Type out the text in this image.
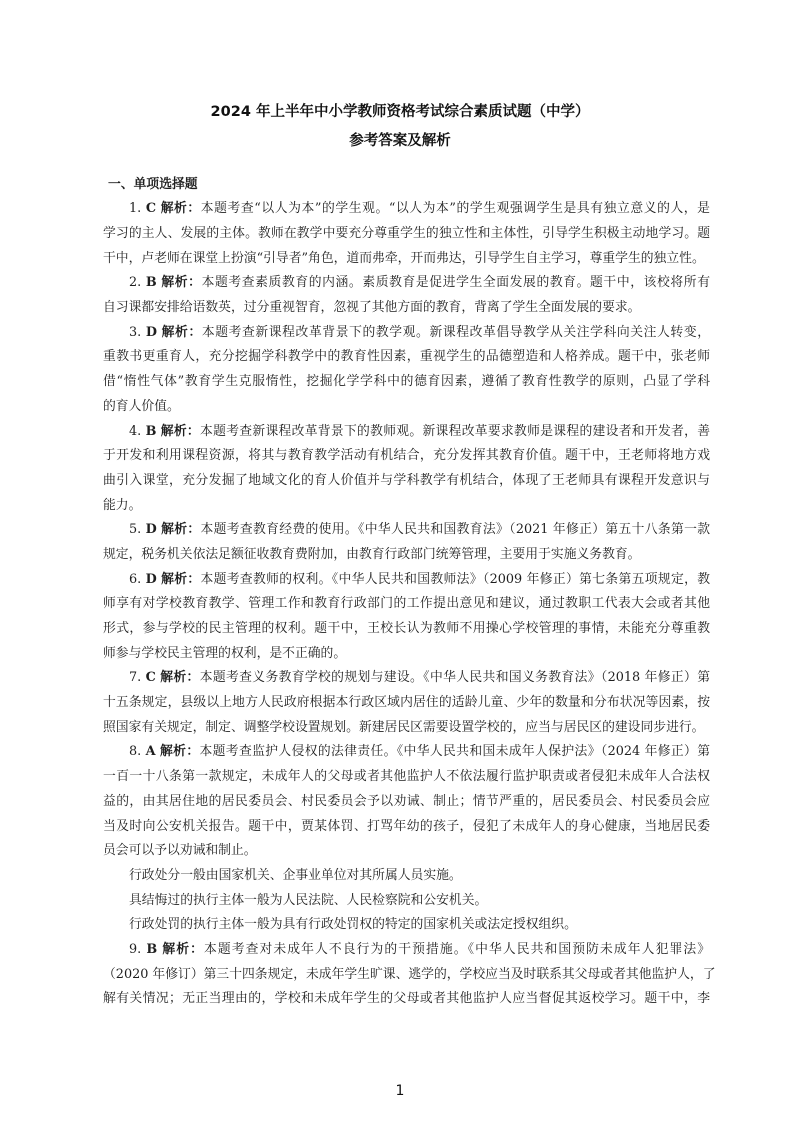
2024 年上半年中小学教师资格考试综合素质试题（中学）
参考答案及解析
一、单项选择题
1. C 解析：本题考查“以人为本”的学生观。“以人为本”的学生观强调学生是具有独立意义的人，是
学习的主人、发展的主体。教师在教学中要充分尊重学生的独立性和主体性，引导学生积极主动地学习。题
干中，卢老师在课堂上扮演“引导者”角色，道而弗牵，开而弗达，引导学生自主学习，尊重学生的独立性。
2. B 解析：本题考查素质教育的内涵。素质教育是促进学生全面发展的教育。题干中，该校将所有
自习课都安排给语数英，过分重视智育，忽视了其他方面的教育，背离了学生全面发展的要求。
3. D 解析：本题考查新课程改革背景下的教学观。新课程改革倡导教学从关注学科向关注人转变，
重教书更重育人，充分挖掘学科教学中的教育性因素，重视学生的品德塑造和人格养成。题干中，张老师
借“惰性气体”教育学生克服惰性，挖掘化学学科中的德育因素，遵循了教育性教学的原则，凸显了学科
的育人价值。
4. B 解析：本题考查新课程改革背景下的教师观。新课程改革要求教师是课程的建设者和开发者，善
于开发和利用课程资源，将其与教育教学活动有机结合，充分发挥其教育价值。题干中，王老师将地方戏
曲引入课堂，充分发掘了地域文化的育人价值并与学科教学有机结合，体现了王老师具有课程开发意识与
能力。
5. D 解析：本题考查教育经费的使用。《中华人民共和国教育法》（2021 年修正）第五十八条第一款
规定，税务机关依法足额征收教育费附加，由教育行政部门统筹管理，主要用于实施义务教育。
6. D 解析：本题考查教师的权利。《中华人民共和国教师法》（2009 年修正）第七条第五项规定，教
师享有对学校教育教学、管理工作和教育行政部门的工作提出意见和建议，通过教职工代表大会或者其他
形式，参与学校的民主管理的权利。题干中，王校长认为教师不用操心学校管理的事情，未能充分尊重教
师参与学校民主管理的权利，是不正确的。
7. C 解析：本题考查义务教育学校的规划与建设。《中华人民共和国义务教育法》（2018 年修正）第
十五条规定，县级以上地方人民政府根据本行政区域内居住的适龄儿童、少年的数量和分布状况等因素，按
照国家有关规定，制定、调整学校设置规划。新建居民区需要设置学校的，应当与居民区的建设同步进行。
8. A 解析：本题考查监护人侵权的法律责任。《中华人民共和国未成年人保护法》（2024 年修正）第
一百一十八条第一款规定，未成年人的父母或者其他监护人不依法履行监护职责或者侵犯未成年人合法权
益的，由其居住地的居民委员会、村民委员会予以劝诫、制止；情节严重的，居民委员会、村民委员会应
当及时向公安机关报告。题干中，贾某体罚、打骂年幼的孩子，侵犯了未成年人的身心健康，当地居民委
员会可以予以劝诫和制止。
行政处分一般由国家机关、企事业单位对其所属人员实施。
具结悔过的执行主体一般为人民法院、人民检察院和公安机关。
行政处罚的执行主体一般为具有行政处罚权的特定的国家机关或法定授权组织。
9. B 解析：本题考查对未成年人不良行为的干预措施。《中华人民共和国预防未成年人犯罪法》
（2020 年修订）第三十四条规定，未成年学生旷课、逃学的，学校应当及时联系其父母或者其他监护人，了
解有关情况；无正当理由的，学校和未成年学生的父母或者其他监护人应当督促其返校学习。题干中，李
1
